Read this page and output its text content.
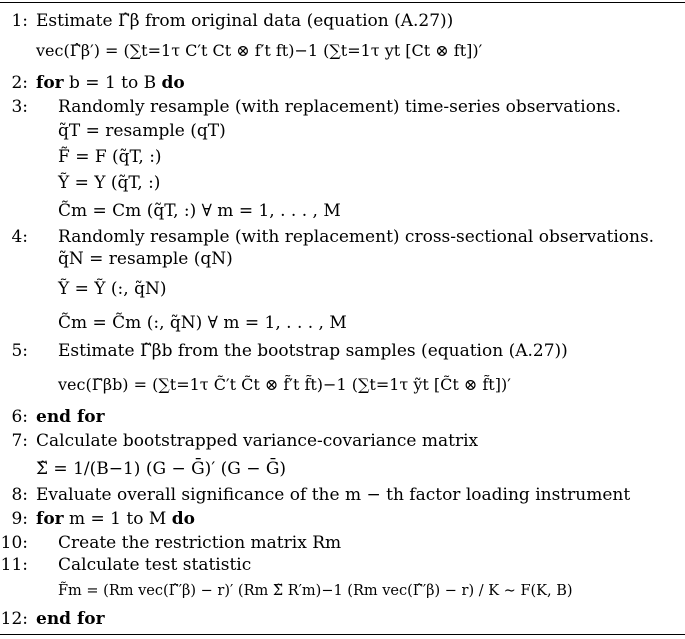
1: Estimate Γ̂β from original data (equation (A.27))
vec(Γ̂β′) = (∑t=1τ C′t Ct ⊗ f′t ft)−1 (∑t=1τ yt [Ct ⊗ ft])′
2: for b = 1 to B do
3: Randomly resample (with replacement) time-series observations.
q̃T = resample (qT)
F̃ = F (q̃T, :)
Ỹ = Y (q̃T, :)
C̃m = Cm (q̃T, :) ∀ m = 1, . . . , M
4: Randomly resample (with replacement) cross-sectional observations.
q̃N = resample (qN)
Ỹ = Ỹ (:, q̃N)
C̃m = C̃m (:, q̃N) ∀ m = 1, . . . , M
5: Estimate Γ̃βb from the bootstrap samples (equation (A.27))
vec(Γ̃βb) = (∑t=1τ C̃′t C̃t ⊗ f̃′t f̃t)−1 (∑t=1τ ỹt [C̃t ⊗ f̃t])′
6: end for
7: Calculate bootstrapped variance-covariance matrix
Σ̃ = 1/(B−1) (G − Ḡ)′ (G − Ḡ)
8: Evaluate overall significance of the m − th factor loading instrument
9: for m = 1 to M do
10: Create the restriction matrix Rm
11: Calculate test statistic
F̃m = (Rm vec(Γ̂′β) − r)′ (Rm Σ̃ R′m)−1 (Rm vec(Γ̂′β) − r) / K ∼ F(K, B)
12: end for
